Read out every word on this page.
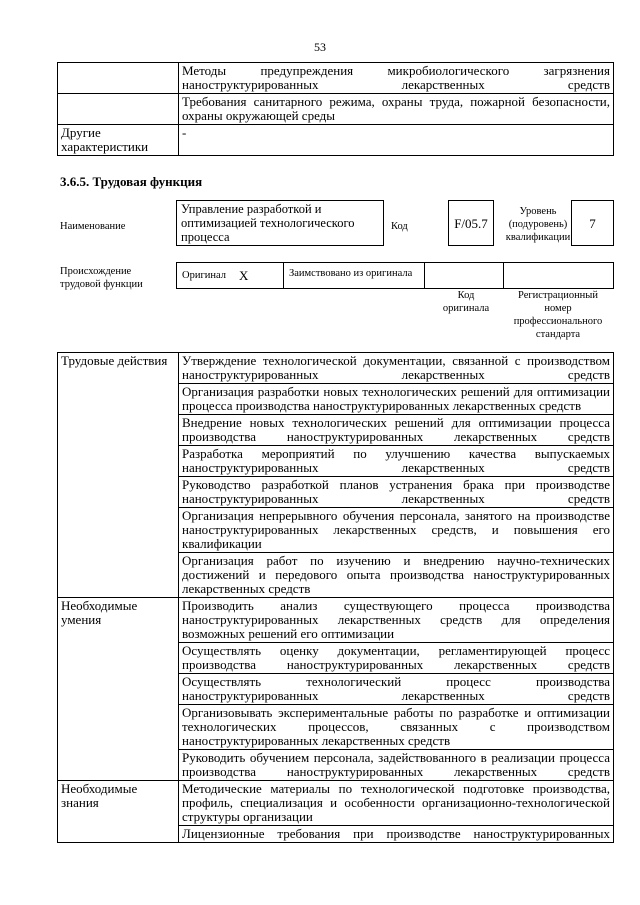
53
	Методы предупреждения микробиологического загрязнения наноструктурированных лекарственных средств
	Требования санитарного режима, охраны труда, пожарной безопасности, охраны окружающей среды
Другие характеристики	-
3.6.5. Трудовая функция
Наименование
Управление разработкой и оптимизацией технологического процесса
Код	F/05.7
Уровень (подуровень) квалификации
7
Происхождение трудовой функции
Оригинал X	Заимствовано из оригинала
Код оригинала
Регистрационный номер профессионального стандарта
Трудовые действия	Утверждение технологической документации, связанной с производством наноструктурированных лекарственных средств
	Организация разработки новых технологических решений для оптимизации процесса производства наноструктурированных лекарственных средств
	Внедрение новых технологических решений для оптимизации процесса производства наноструктурированных лекарственных средств
	Разработка мероприятий по улучшению качества выпускаемых наноструктурированных лекарственных средств
	Руководство разработкой планов устранения брака при производстве наноструктурированных лекарственных средств
	Организация непрерывного обучения персонала, занятого на производстве наноструктурированных лекарственных средств, и повышения его квалификации
	Организация работ по изучению и внедрению научно-технических достижений и передового опыта производства наноструктурированных лекарственных средств
Необходимые умения	Производить анализ существующего процесса производства наноструктурированных лекарственных средств для определения возможных решений его оптимизации
	Осуществлять оценку документации, регламентирующей процесс производства наноструктурированных лекарственных средств
	Осуществлять технологический процесс производства наноструктурированных лекарственных средств
	Организовывать экспериментальные работы по разработке и оптимизации технологических процессов, связанных с производством наноструктурированных лекарственных средств
	Руководить обучением персонала, задействованного в реализации процесса производства наноструктурированных лекарственных средств
Необходимые знания	Методические материалы по технологической подготовке производства, профиль, специализация и особенности организационно-технологической структуры организации
	Лицензионные требования при производстве наноструктурированных
